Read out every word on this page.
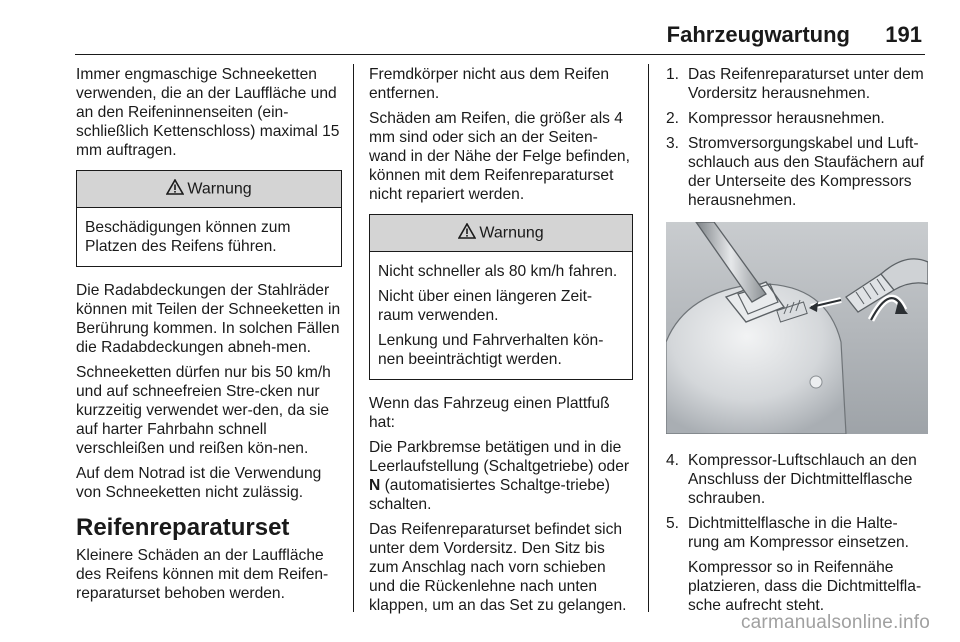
Fahrzeugwartung	191

Immer engmaschige Schneeketten verwenden, die an der Lauffläche und an den Reifeninnenseiten (ein-schließlich Kettenschloss) maximal 15 mm auftragen.

Warnung

Beschädigungen können zum Platzen des Reifens führen.

Die Radabdeckungen der Stahlräder können mit Teilen der Schneeketten in Berührung kommen. In solchen Fällen die Radabdeckungen abneh-men.

Schneeketten dürfen nur bis 50 km/h und auf schneefreien Stre-cken nur kurzzeitig verwendet wer-den, da sie auf harter Fahrbahn schnell verschleißen und reißen kön-nen.

Auf dem Notrad ist die Verwendung von Schneeketten nicht zulässig.

Reifenreparaturset

Kleinere Schäden an der Lauffläche des Reifens können mit dem Reifen-reparaturset behoben werden.

Fremdkörper nicht aus dem Reifen entfernen.

Schäden am Reifen, die größer als 4 mm sind oder sich an der Seiten-wand in der Nähe der Felge befinden, können mit dem Reifenreparaturset nicht repariert werden.

Warnung

Nicht schneller als 80 km/h fahren.

Nicht über einen längeren Zeit-raum verwenden.

Lenkung und Fahrverhalten kön-nen beeinträchtigt werden.

Wenn das Fahrzeug einen Plattfuß hat:

Die Parkbremse betätigen und in die Leerlaufstellung (Schaltgetriebe) oder N (automatisiertes Schaltge-triebe) schalten.

Das Reifenreparaturset befindet sich unter dem Vordersitz. Den Sitz bis zum Anschlag nach vorn schieben und die Rückenlehne nach unten klappen, um an das Set zu gelangen.

1. Das Reifenreparaturset unter dem Vordersitz herausnehmen.
2. Kompressor herausnehmen.
3. Stromversorgungskabel und Luft-schlauch aus den Staufächern auf der Unterseite des Kompressors herausnehmen.
4. Kompressor-Luftschlauch an den Anschluss der Dichtmittelflasche schrauben.
5. Dichtmittelflasche in die Halte-rung am Kompressor einsetzen.

Kompressor so in Reifennähe platzieren, dass die Dichtmittelfla-sche aufrecht steht.

carmanualsonline.info
